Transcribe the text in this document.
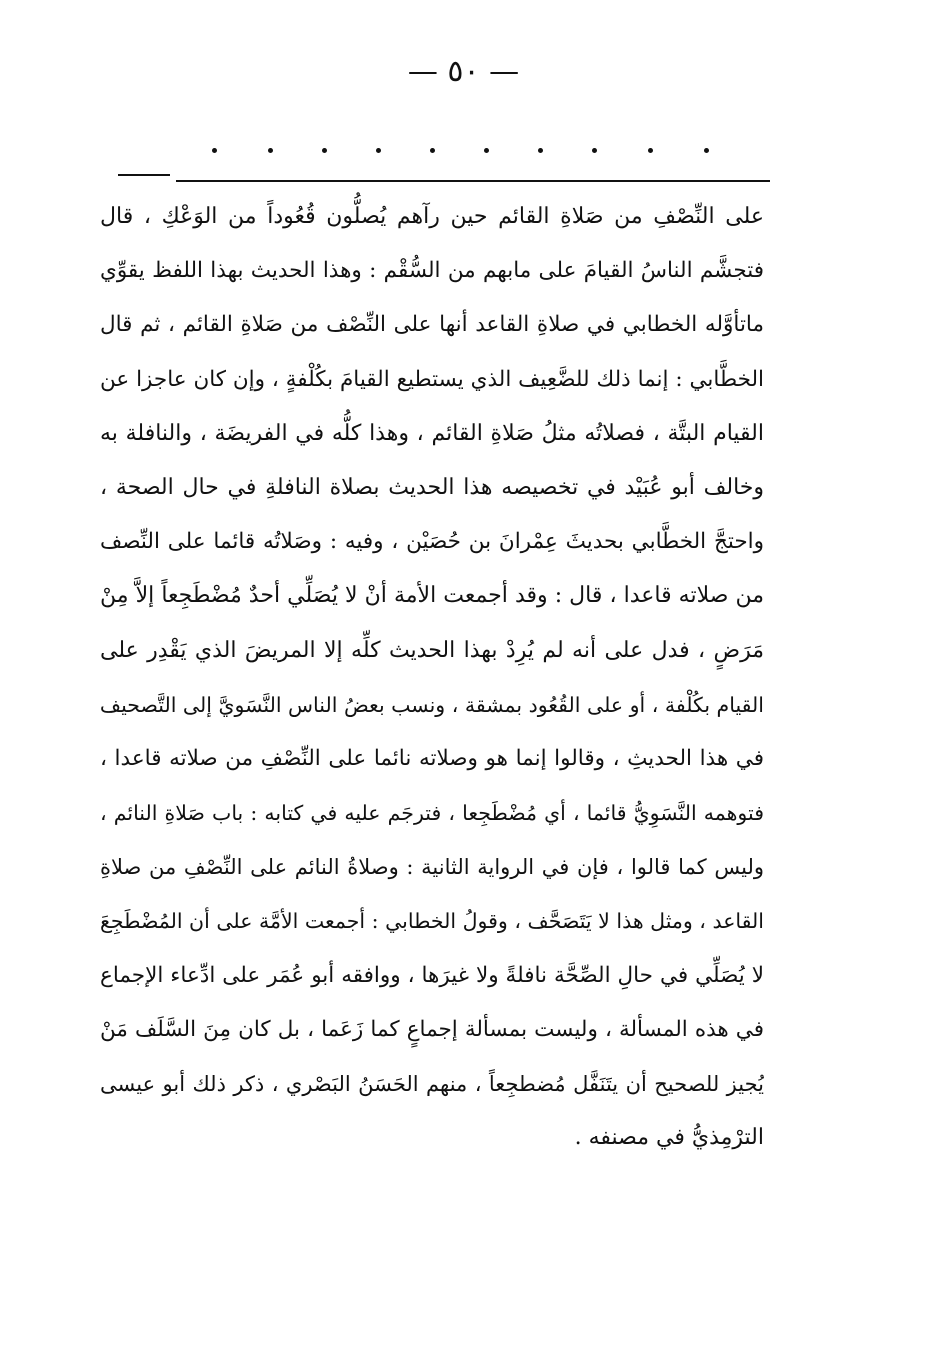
— ٥٠ —
على النِّصْفِ من صَلاةِ القائم حين رآهم يُصلُّون قُعُوداً من الوَعْكِ ، قال
فتجشَّم الناسُ القيامَ على مابهم من السُّقْم : وهذا الحديث بهذا اللفظ يقوِّي
ماتأوَّله الخطابي في صلاةِ القاعد أنها على النِّصْف من صَلاةِ القائم ، ثم قال
الخطَّابي : إنما ذلك للضَّعِيف الذي يستطيع القيامَ بكُلْفةٍ ، وإن كان عاجزا عن
القيام البتَّة ، فصلاتُه مثلُ صَلاةِ القائم ، وهذا كلُّه في الفريضَة ، والنافلة به
وخالف أبو عُبَيْد في تخصيصه هذا الحديث بصلاة النافلةِ في حال الصحة ،
واحتجَّ الخطَّابي بحديثَ عِمْرانَ بن حُصَيْن ، وفيه : وصَلاتُه قائما على النِّصف
من صلاته قاعدا ، قال : وقد أجمعت الأمة أنْ لا يُصَلِّي أحدٌ مُضْطَجِعاً إلاَّ مِنْ
مَرَضٍ ، فدل على أنه لم يُرِدْ بهذا الحديث كلِّه إلا المريضَ الذي يَقْدِر على
القيام بكُلْفة ، أو على القُعُود بمشقة ، ونسب بعضُ الناس النَّسَويَّ إلى التَّصحيف
في هذا الحديثِ ، وقالوا إنما هو وصلاته نائما على النِّصْفِ من صلاته قاعدا ،
فتوهمه النَّسَوِيُّ قائما ، أي مُضْطَجِعا ، فترجَم عليه في كتابه : باب صَلاةِ النائم ،
وليس كما قالوا ، فإن في الرواية الثانية : وصلاةُ النائم على النِّصْفِ من صلاةِ
القاعد ، ومثل هذا لا يَتَصَحَّف ، وقولُ الخطابي : أجمعت الأمَّة على أن المُضْطَجِعَ
لا يُصَلِّي في حالِ الصِّحَّة نافلةً ولا غيرَها ، ووافقه أبو عُمَر على ادِّعاء الإجماع
في هذه المسألة ، وليست بمسألة إجماعٍ كما زَعَما ، بل كان مِنَ السَّلَف مَنْ
يُجيز للصحيح أن يتَنَفَّل مُضطجِعاً ، منهم الحَسَنُ البَصْري ، ذكر ذلك أبو عيسى
الترْمِذيُّ في مصنفه .
